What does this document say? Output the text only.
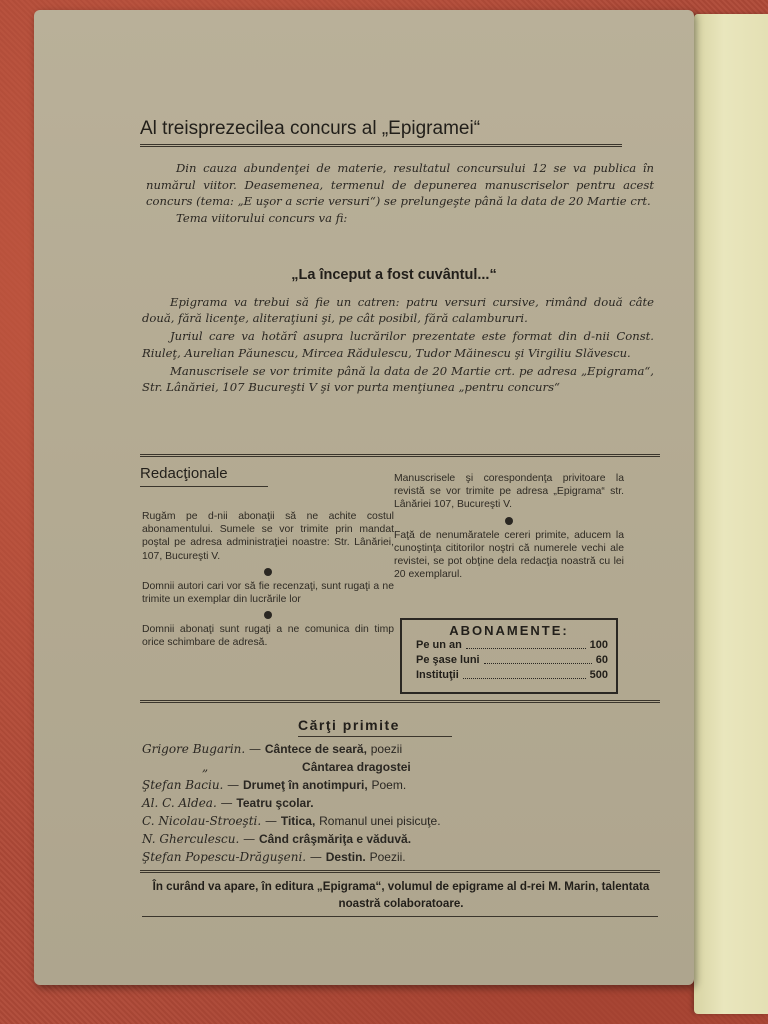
Al treisprezecilea concurs al „Epigramei“

Din cauza abundenţei de materie, resultatul concursului 12 se va publica în numărul viitor. Deasemenea, termenul de depunerea manuscriselor pentru acest concurs (tema: „E uşor a scrie versuri“) se prelungeşte până la data de 20 Martie crt.

Tema viitorului concurs va fi:

„La început a fost cuvântul...“

Epigrama va trebui să fie un catren: patru versuri cursive, rimând două câte două, fără licenţe, aliteraţiuni şi, pe cât posibil, fără calambururi.

Juriul care va hotărî asupra lucrărilor prezentate este format din d-nii Const. Riuleţ, Aurelian Păunescu, Mircea Rădulescu, Tudor Măinescu şi Virgiliu Slăvescu.

Manuscrisele se vor trimite până la data de 20 Martie crt. pe adresa „Epigrama“, Str. Lânăriei, 107 Bucureşti V şi vor purta menţiunea „pentru concurs“

Redacţionale

Rugăm pe d-nii abonaţii să ne achite costul abonamentului. Sumele se vor trimite prin mandat poştal pe adresa administraţiei noastre: Str. Lânăriei, 107, Bucureşti V.

Domnii autori cari vor să fie recenzaţi, sunt rugaţi a ne trimite un exemplar din lucrările lor

Domnii abonaţi sunt rugaţi a ne comunica din timp orice schimbare de adresă.

Manuscrisele şi corespondenţa privitoare la revistă se vor trimite pe adresa „Epigrama“ str. Lânăriei 107, Bucureşti V.

Faţă de nenumăratele cereri primite, aducem la cunoştinţa cititorilor noştri că numerele vechi ale revistei, se pot obţine dela redacţia noastră cu lei 20 exemplarul.

ABONAMENTE:
Pe un an	100
Pe şase luni	60
Instituţii	500
Cărţi primite
Grigore Bugarin. — Cântece de seară, poezii
„	Cântarea dragostei
Ştefan Baciu. — Drumeţ în anotimpuri, Poem.
Al. C. Aldea. — Teatru şcolar.
C. Nicolau-Stroeşti. — Titica, Romanul unei pisicuţe.
N. Gherculescu. — Când crâşmăriţa e văduvă.
Ştefan Popescu-Drăguşeni. — Destin. Poezii.
În curând va apare, în editura „Epigrama“, volumul de epigrame al d-rei M. Marin, talentata noastră colaboratoare.
